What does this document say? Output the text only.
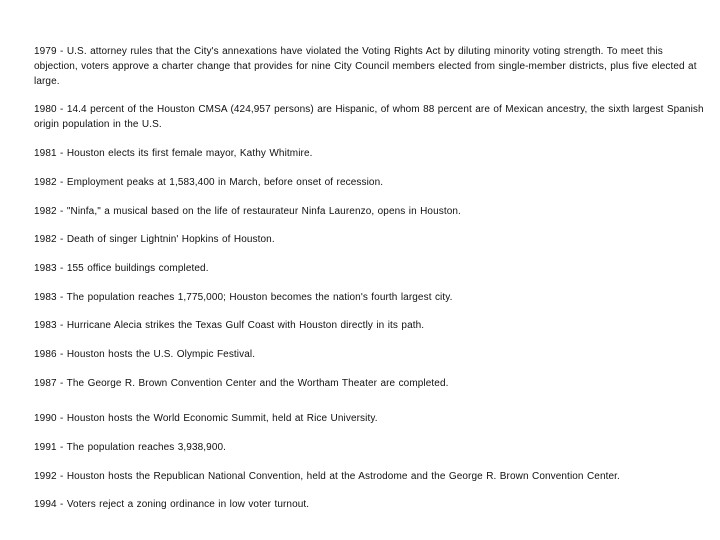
1979 - U.S. attorney rules that the City's annexations have violated the Voting Rights Act by diluting minority voting strength. To meet this objection, voters approve a charter change that provides for nine City Council members elected from single-member districts, plus five elected at large.
1980 - 14.4 percent of the Houston CMSA (424,957 persons) are Hispanic, of whom 88 percent are of Mexican ancestry, the sixth largest Spanish origin population in the U.S.
1981 - Houston elects its first female mayor, Kathy Whitmire.
1982 - Employment peaks at 1,583,400 in March, before onset of recession.
1982 - "Ninfa," a musical based on the life of restaurateur Ninfa Laurenzo, opens in Houston.
1982 - Death of singer Lightnin' Hopkins of Houston.
1983 - 155 office buildings completed.
1983 - The population reaches 1,775,000; Houston becomes the nation's fourth largest city.
1983 - Hurricane Alecia strikes the Texas Gulf Coast with Houston directly in its path.
1986 - Houston hosts the U.S. Olympic Festival.
1987 - The George R. Brown Convention Center and the Wortham Theater are completed.
1990 - Houston hosts the World Economic Summit, held at Rice University.
1991 - The population reaches 3,938,900.
1992 - Houston hosts the Republican National Convention, held at the Astrodome and the George R. Brown Convention Center.
1994 - Voters reject a zoning ordinance in low voter turnout.
